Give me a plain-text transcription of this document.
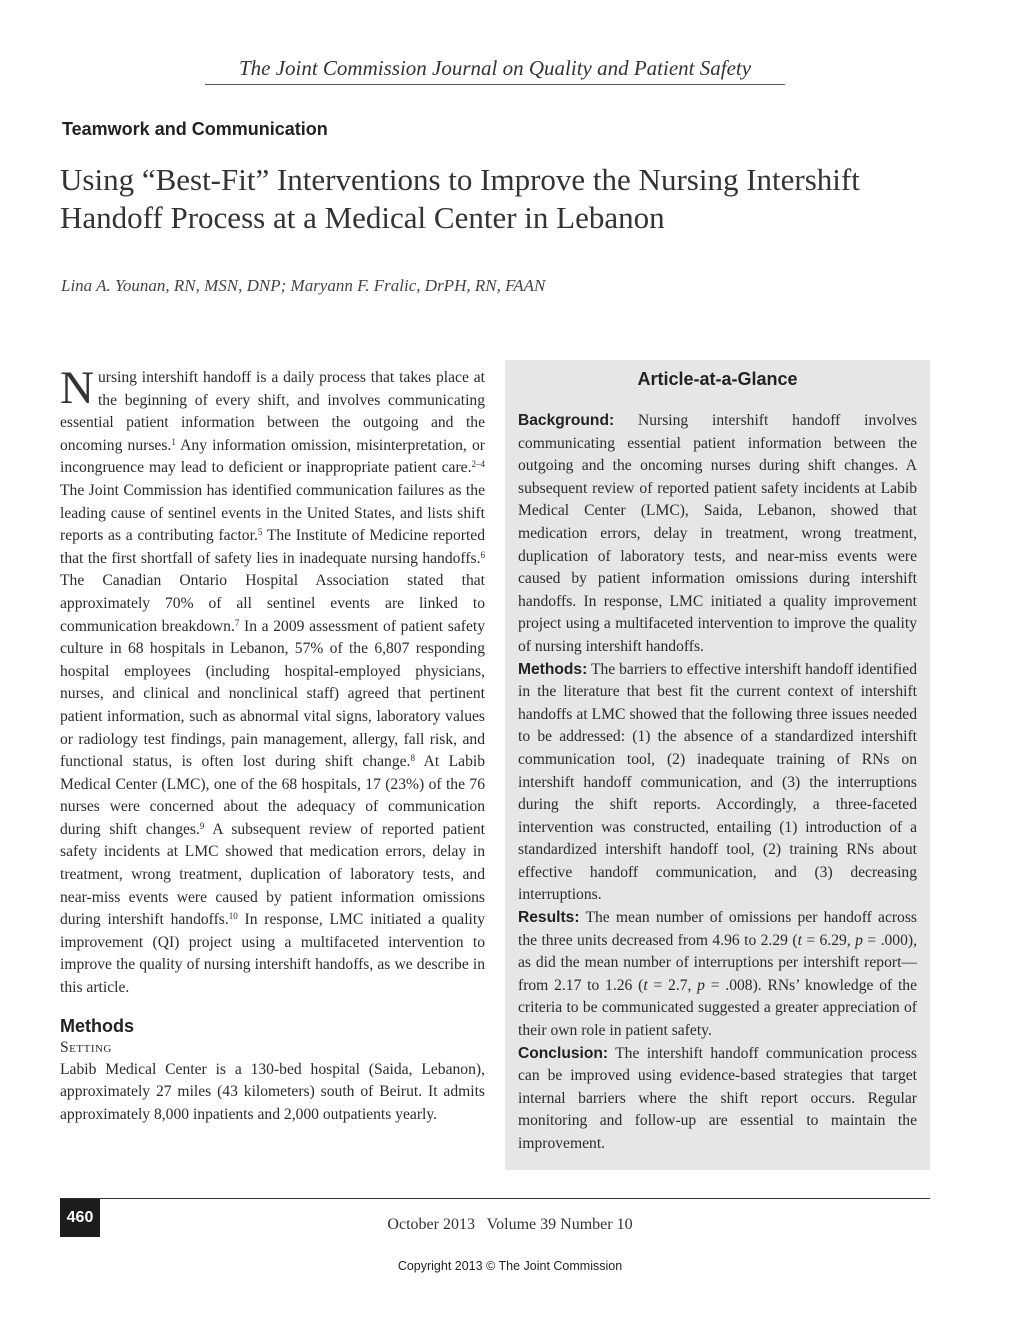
The Joint Commission Journal on Quality and Patient Safety
Teamwork and Communication
Using “Best-Fit” Interventions to Improve the Nursing Intershift Handoff Process at a Medical Center in Lebanon
Lina A. Younan, RN, MSN, DNP; Maryann F. Fralic, DrPH, RN, FAAN

Nursing intershift handoff is a daily process that takes place at the beginning of every shift, and involves communicating essential patient information between the outgoing and the oncoming nurses.$^1$ Any information omission, misinterpretation, or incongruence may lead to deficient or inappropriate patient care.$^{2-4}$ The Joint Commission has identified communication failures as the leading cause of sentinel events in the United States, and lists shift reports as a contributing factor.$^5$ The Institute of Medicine reported that the first shortfall of safety lies in inadequate nursing handoffs.$^6$ The Canadian Ontario Hospital Association stated that approximately 70% of all sentinel events are linked to communication breakdown.$^7$ In a 2009 assessment of patient safety culture in 68 hospitals in Lebanon, 57% of the 6,807 responding hospital employees (including hospital-employed physicians, nurses, and clinical and nonclinical staff) agreed that pertinent patient information, such as abnormal vital signs, laboratory values or radiology test findings, pain management, allergy, fall risk, and functional status, is often lost during shift change.$^8$ At Labib Medical Center (LMC), one of the 68 hospitals, 17 (23%) of the 76 nurses were concerned about the adequacy of communication during shift changes.$^9$ A subsequent review of reported patient safety incidents at LMC showed that medication errors, delay in treatment, wrong treatment, duplication of laboratory tests, and near-miss events were caused by patient information omissions during intershift handoffs.$^{10}$ In response, LMC initiated a quality improvement (QI) project using a multifaceted intervention to improve the quality of nursing intershift handoffs, as we describe in this article.

Methods
Setting

Labib Medical Center is a 130-bed hospital (Saida, Lebanon), approximately 27 miles (43 kilometers) south of Beirut. It admits approximately 8,000 inpatients and 2,000 outpatients yearly.

Article-at-a-Glance

Background: Nursing intershift handoff involves communicating essential patient information between the outgoing and the oncoming nurses during shift changes. A subsequent review of reported patient safety incidents at Labib Medical Center (LMC), Saida, Lebanon, showed that medication errors, delay in treatment, wrong treatment, duplication of laboratory tests, and near-miss events were caused by patient information omissions during intershift handoffs. In response, LMC initiated a quality improvement project using a multifaceted intervention to improve the quality of nursing intershift handoffs.

Methods: The barriers to effective intershift handoff identified in the literature that best fit the current context of intershift handoffs at LMC showed that the following three issues needed to be addressed: (1) the absence of a standardized intershift communication tool, (2) inadequate training of RNs on intershift handoff communication, and (3) the interruptions during the shift reports. Accordingly, a three-faceted intervention was constructed, entailing (1) introduction of a standardized intershift handoff tool, (2) training RNs about effective handoff communication, and (3) decreasing interruptions.

Results: The mean number of omissions per handoff across the three units decreased from 4.96 to 2.29 (t = 6.29, p = .000), as did the mean number of interruptions per intershift report—from 2.17 to 1.26 (t = 2.7, p = .008). RNs’ knowledge of the criteria to be communicated suggested a greater appreciation of their own role in patient safety.

Conclusion: The intershift handoff communication process can be improved using evidence-based strategies that target internal barriers where the shift report occurs. Regular monitoring and follow-up are essential to maintain the improvement.

460	October 2013   Volume 39 Number 10
Copyright 2013 © The Joint Commission
